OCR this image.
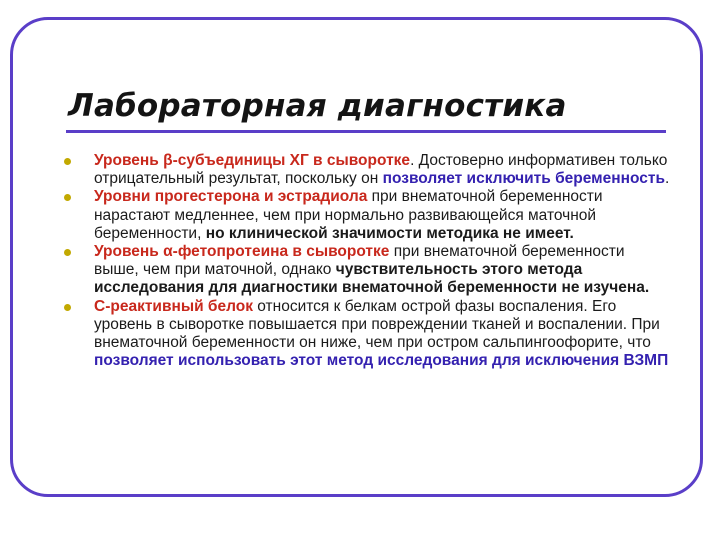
Лабораторная диагностика
Уровень β-субъединицы ХГ в сыворотке. Достоверно информативен только отрицательный результат, поскольку он позволяет исключить беременность.
Уровни прогестерона и эстрадиола при внематочной беременности нарастают медленнее, чем при нормально развивающейся маточной беременности, но клинической значимости методика не имеет.
Уровень α-фетопротеина в сыворотке при внематочной беременности выше, чем при маточной, однако чувствительность этого метода исследования для диагностики внематочной беременности не изучена.
С-реактивный белок относится к белкам острой фазы воспаления. Его уровень в сыворотке повышается при повреждении тканей и воспалении. При внематочной беременности он ниже, чем при остром сальпингоофорите, что позволяет использовать этот метод исследования для исключения ВЗМП
